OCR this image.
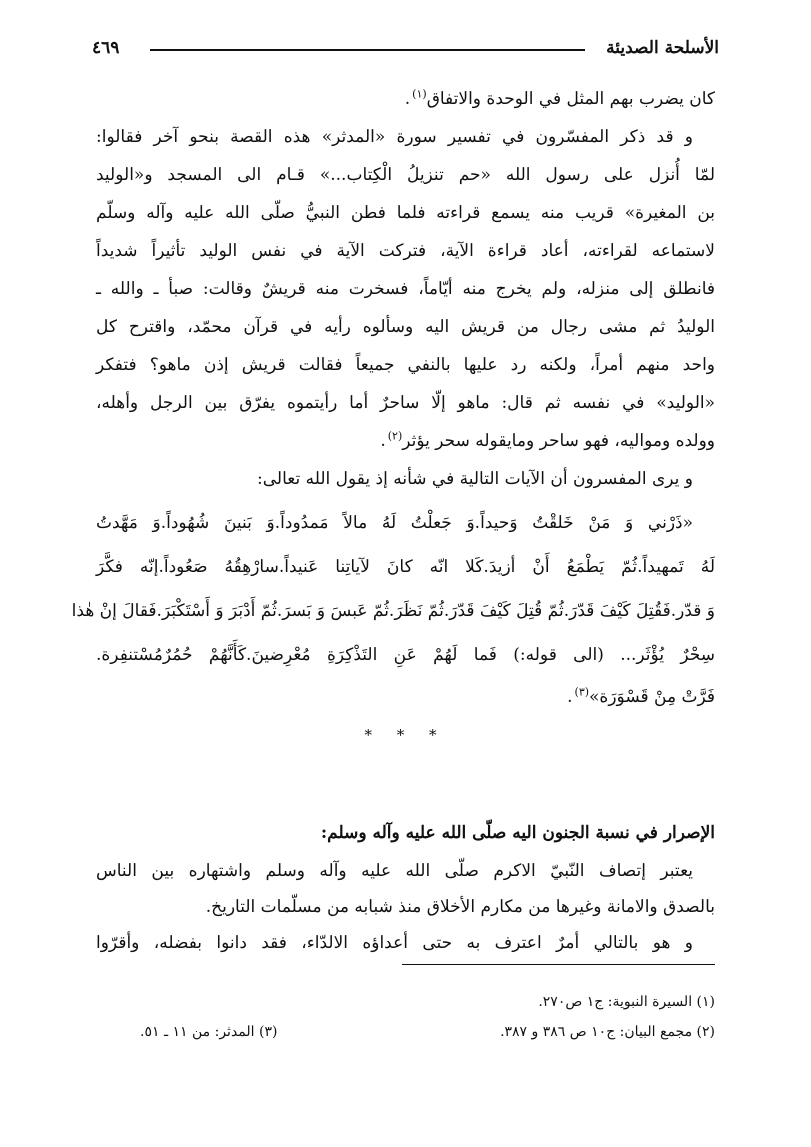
الأسلحة الصديئة
٤٦٩
كان يضرب بهم المثل في الوحدة والاتفاق$^{(١)}$.
و قد ذكر المفسّرون في تفسير سورة «المدثر» هذه القصة بنحو آخر فقالوا:
لمّا أُنزل على رسول الله «حم تنزيلُ الْكِتاب...» قـام الى المسجد و«الوليد
بن المغيرة» قريب منه يسمع قراءته فلما فطن النبيُّ صلّى الله عليه وآله وسلّم
لاستماعه لقراءته، أعاد قراءة الآية، فتركت الآية في نفس الوليد تأثيراً شديداً
فانطلق إلى منزله، ولم يخرج منه أيّاماً، فسخرت منه قريشٌ وقالت: صبأ ـ والله ـ
الوليدُ ثم مشى رجال من قريش اليه وسألوه رأيه في قرآن محمّد، واقترح كل
واحد منهم أمراً، ولكنه رد عليها بالنفي جميعاً فقالت قريش إذن ماهو؟ فتفكر
«الوليد» في نفسه ثم قال: ماهو إلّا ساحرٌ أما رأيتموه يفرّق بين الرجل وأهله،
وولده ومواليه، فهو ساحر ومايقوله سحر يؤثر$^{(٢)}$.
و يرى المفسرون أن الآيات التالية في شأنه إذ يقول الله تعالى:
«ذَرْني وَ مَنْ خَلقْتُ وَحيداً.وَ جَعلْتُ لَهُ مالاً مَمدُوداً.وَ بَنينَ شُهُوداً.وَ مَهَّدتُ
لَهُ تَمهيداً.ثُمّ يَطْمَعُ أَنْ أزيدَ.كَلا انّه كانَ لآياتِنا عَنيداً.سارْهِقُهُ صَعُوداً.إنّه فكَّرَ
وَ قدّر.فَقُتِلَ كَيْفَ قَدّرَ.ثُمّ قُتِلَ كَيْفَ قَدّرَ.ثُمّ نَظَرَ.ثُمّ عَبسَ وَ بَسرَ.ثُمّ أَدْبَرَ وَ أَسْتَكْبَرَ.فَقالَ إنْ هٰذا
سِحْرٌ يُؤْثَر... (الى قوله:) فَما لَهُمْ عَنِ التَذْكِرَةِ مُعْرِضينَ.كَأَنَّهُمْ حُمُرٌمُسْتنفِرة.
فَرَّتْ مِنْ قَسْوَرَة»$^{(٣)}$.
* * *
الإصرار في نسبة الجنون اليه صلّى الله عليه وآله وسلم:
يعتبر إتصاف النّبيّ الاكرم صلّى الله عليه وآله وسلم واشتهاره بين الناس
بالصدق والامانة وغيرها من مكارم الأخلاق منذ شبابه من مسلّمات التاريخ.
و هو بالتالي أمرٌ اعترف به حتى أعداؤه الالدّاء، فقد دانوا بفضله، وأقرّوا
(١) السيرة النبوية: ج١ ص٢٧٠.
(٢) مجمع البيان: ج١٠ ص ٣٨٦ و ٣٨٧.
(٣) المدثر: من ١١ ـ ٥١.
